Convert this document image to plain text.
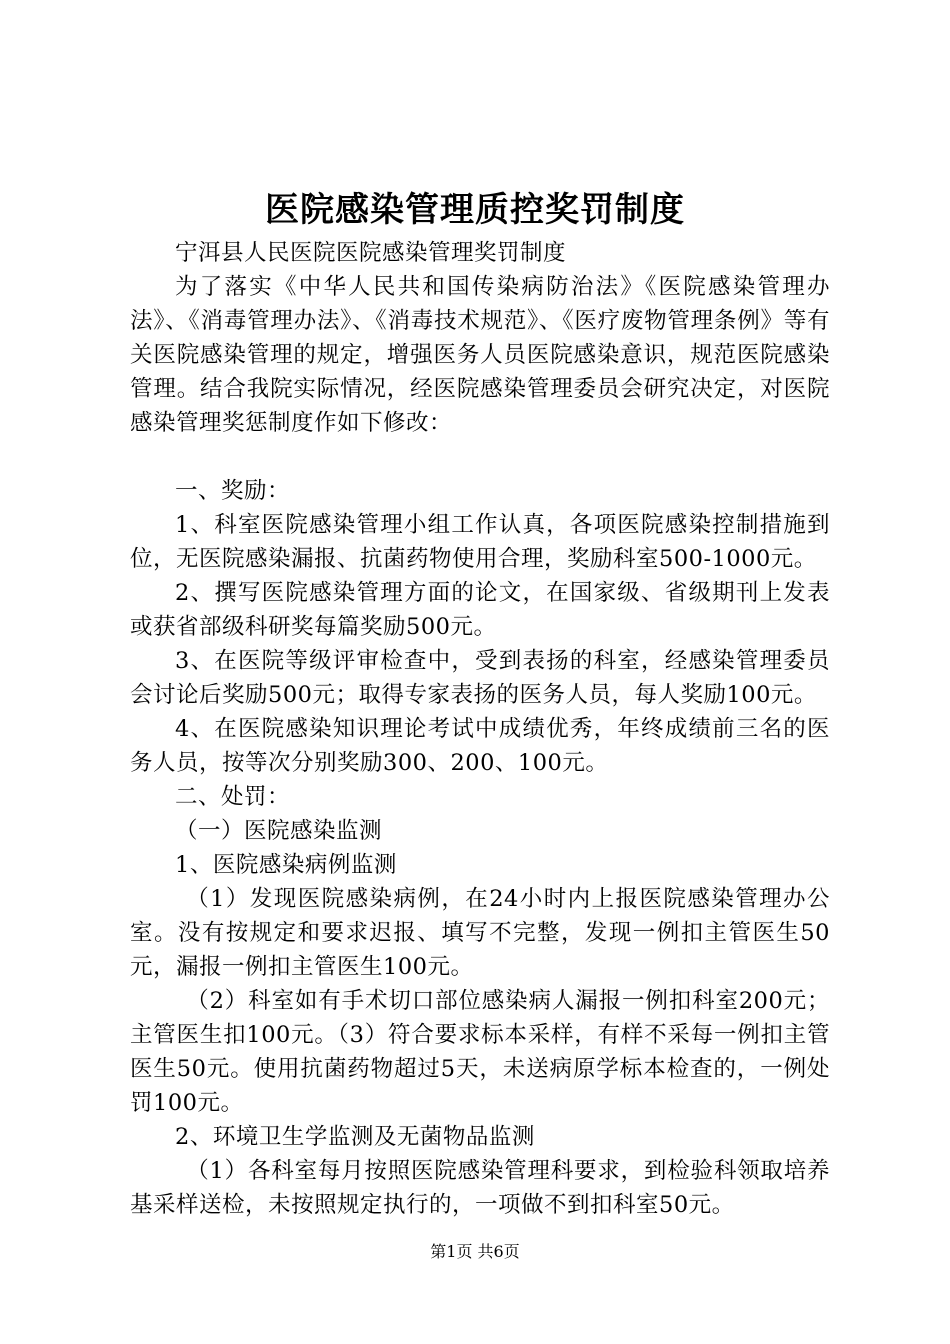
医院感染管理质控奖罚制度

宁洱县人民医院医院感染管理奖罚制度

为了落实《中华人民共和国传染病防治法》《医院感染管理办法》、《消毒管理办法》、《消毒技术规范》、《医疗废物管理条例》等有关医院感染管理的规定，增强医务人员医院感染意识，规范医院感染管理。结合我院实际情况，经医院感染管理委员会研究决定，对医院感染管理奖惩制度作如下修改：

一、奖励：

1、科室医院感染管理小组工作认真，各项医院感染控制措施到位，无医院感染漏报、抗菌药物使用合理，奖励科室500-1000元。

2、撰写医院感染管理方面的论文，在国家级、省级期刊上发表或获省部级科研奖每篇奖励500元。

3、在医院等级评审检查中，受到表扬的科室，经感染管理委员会讨论后奖励500元；取得专家表扬的医务人员，每人奖励100元。

4、在医院感染知识理论考试中成绩优秀，年终成绩前三名的医务人员，按等次分别奖励300、200、100元。

二、处罚：

（一）医院感染监测

1、医院感染病例监测

（1）发现医院感染病例，在24小时内上报医院感染管理办公室。没有按规定和要求迟报、填写不完整，发现一例扣主管医生50元，漏报一例扣主管医生100元。

（2）科室如有手术切口部位感染病人漏报一例扣科室200元；主管医生扣100元。（3）符合要求标本采样，有样不采每一例扣主管医生50元。使用抗菌药物超过5天，未送病原学标本检查的，一例处罚100元。

2、环境卫生学监测及无菌物品监测

（1）各科室每月按照医院感染管理科要求，到检验科领取培养基采样送检，未按照规定执行的，一项做不到扣科室50元。

第1页 共6页
